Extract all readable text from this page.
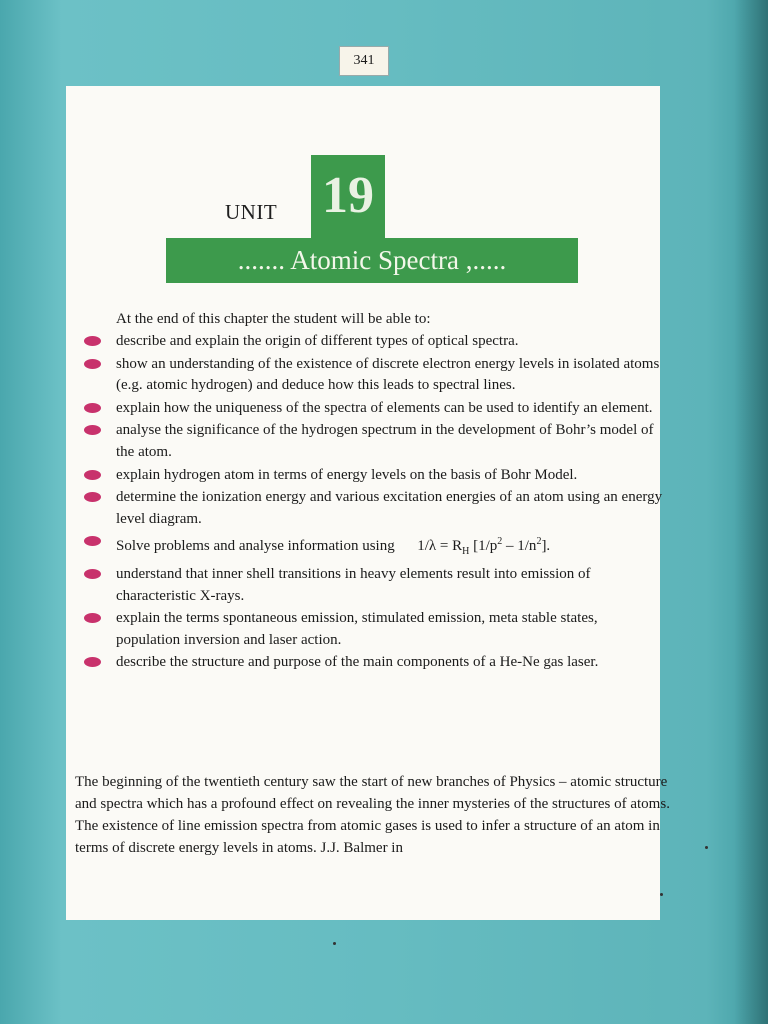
341
UNIT 19
....... Atomic Spectra ,.....
At the end of this chapter the student will be able to:
describe and explain the origin of different types of optical spectra.
show an understanding of the existence of discrete electron energy levels in isolated atoms (e.g. atomic hydrogen) and deduce how this leads to spectral lines.
explain how the uniqueness of the spectra of elements can be used to identify an element.
analyse the significance of the hydrogen spectrum in the development of Bohr’s model of the atom.
explain hydrogen atom in terms of energy levels on the basis of Bohr Model.
determine the ionization energy and various excitation energies of an atom using an energy level diagram.
Solve problems and analyse information using $1/\lambda = R_H$ $[1/p^2 - 1/n^2]$.
understand that inner shell transitions in heavy elements result into emission of characteristic X-rays.
explain the terms spontaneous emission, stimulated emission, meta stable states, population inversion and laser action.
describe the structure and purpose of the main components of a He-Ne gas laser.

The beginning of the twentieth century saw the start of new branches of Physics – atomic structure and spectra which has a profound effect on revealing the inner mysteries of the structures of atoms.

The existence of line emission spectra from atomic gases is used to infer a structure of an atom in terms of discrete energy levels in atoms. J.J. Balmer in
